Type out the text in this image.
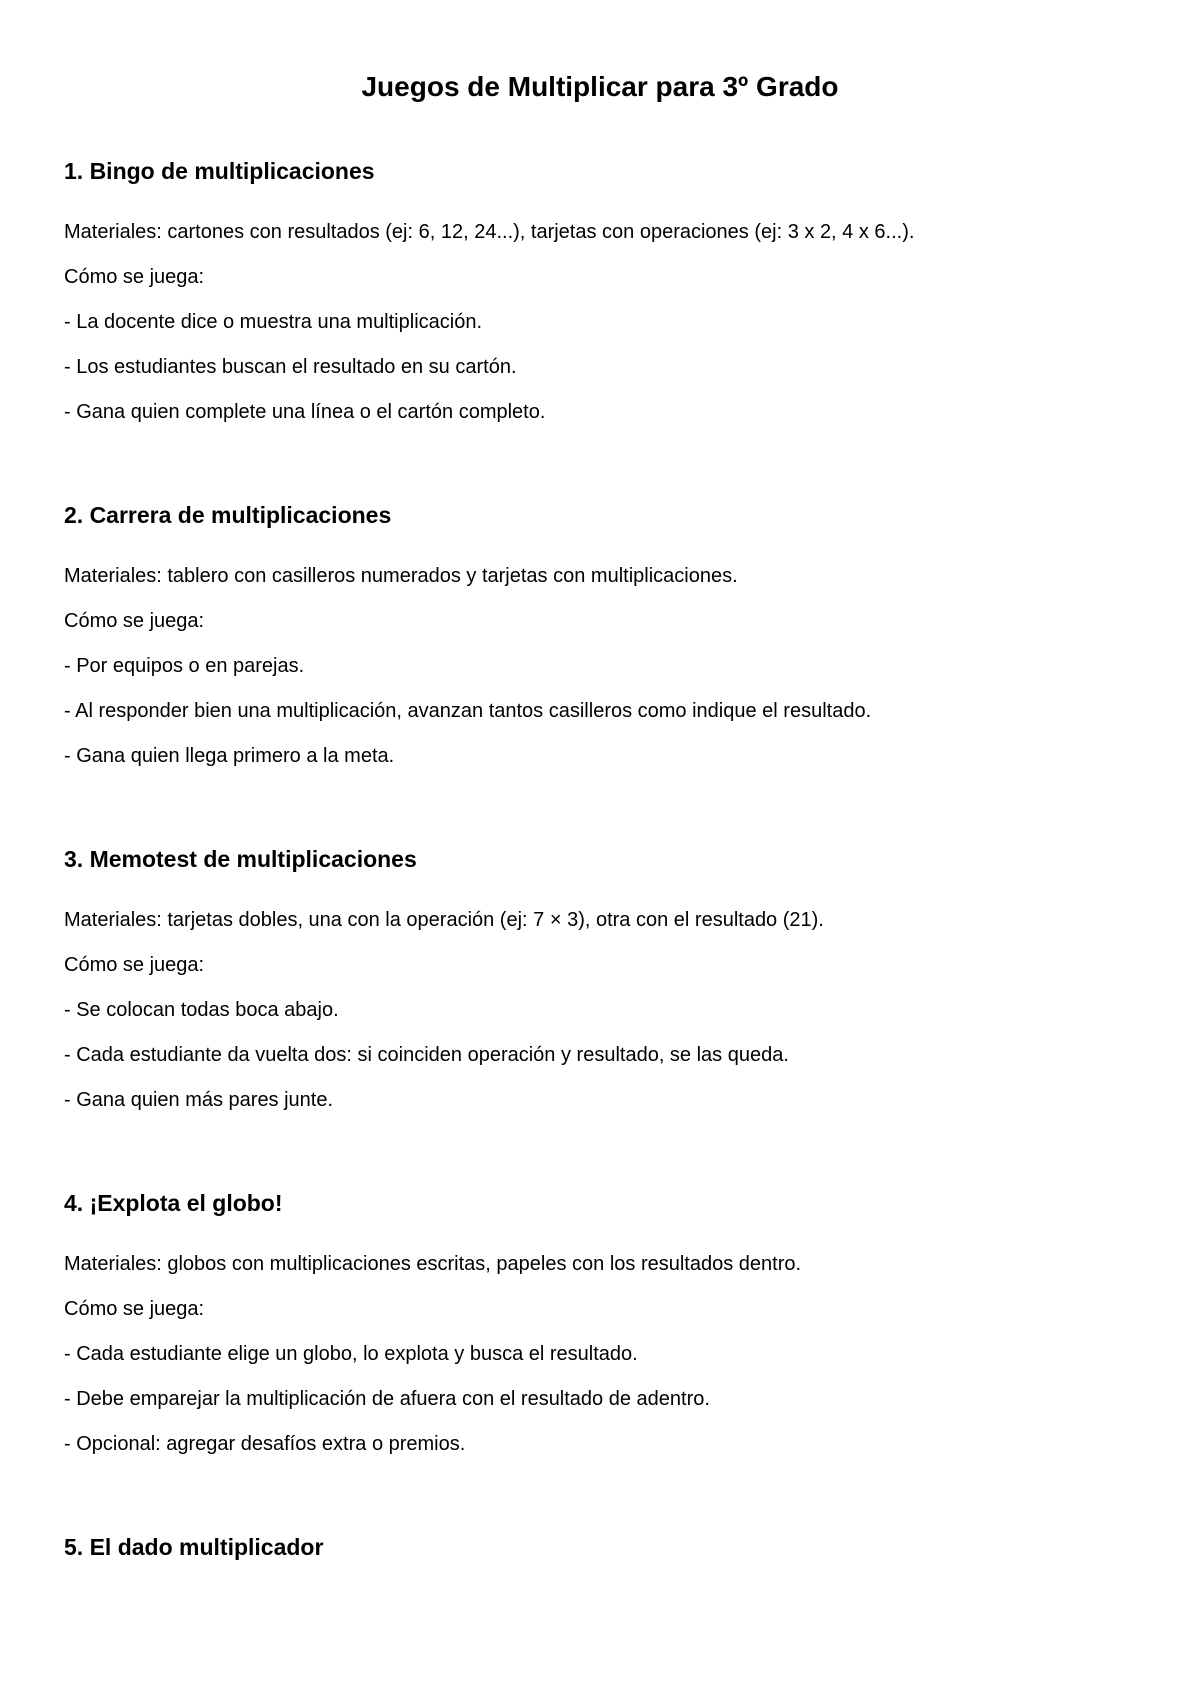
Juegos de Multiplicar para 3º Grado
1. Bingo de multiplicaciones

Materiales: cartones con resultados (ej: 6, 12, 24...), tarjetas con operaciones (ej: 3 x 2, 4 x 6...).

Cómo se juega:

- La docente dice o muestra una multiplicación.

- Los estudiantes buscan el resultado en su cartón.

- Gana quien complete una línea o el cartón completo.

2. Carrera de multiplicaciones

Materiales: tablero con casilleros numerados y tarjetas con multiplicaciones.

Cómo se juega:

- Por equipos o en parejas.

- Al responder bien una multiplicación, avanzan tantos casilleros como indique el resultado.

- Gana quien llega primero a la meta.

3. Memotest de multiplicaciones

Materiales: tarjetas dobles, una con la operación (ej: 7 × 3), otra con el resultado (21).

Cómo se juega:

- Se colocan todas boca abajo.

- Cada estudiante da vuelta dos: si coinciden operación y resultado, se las queda.

- Gana quien más pares junte.

4. ¡Explota el globo!

Materiales: globos con multiplicaciones escritas, papeles con los resultados dentro.

Cómo se juega:

- Cada estudiante elige un globo, lo explota y busca el resultado.

- Debe emparejar la multiplicación de afuera con el resultado de adentro.

- Opcional: agregar desafíos extra o premios.

5. El dado multiplicador
